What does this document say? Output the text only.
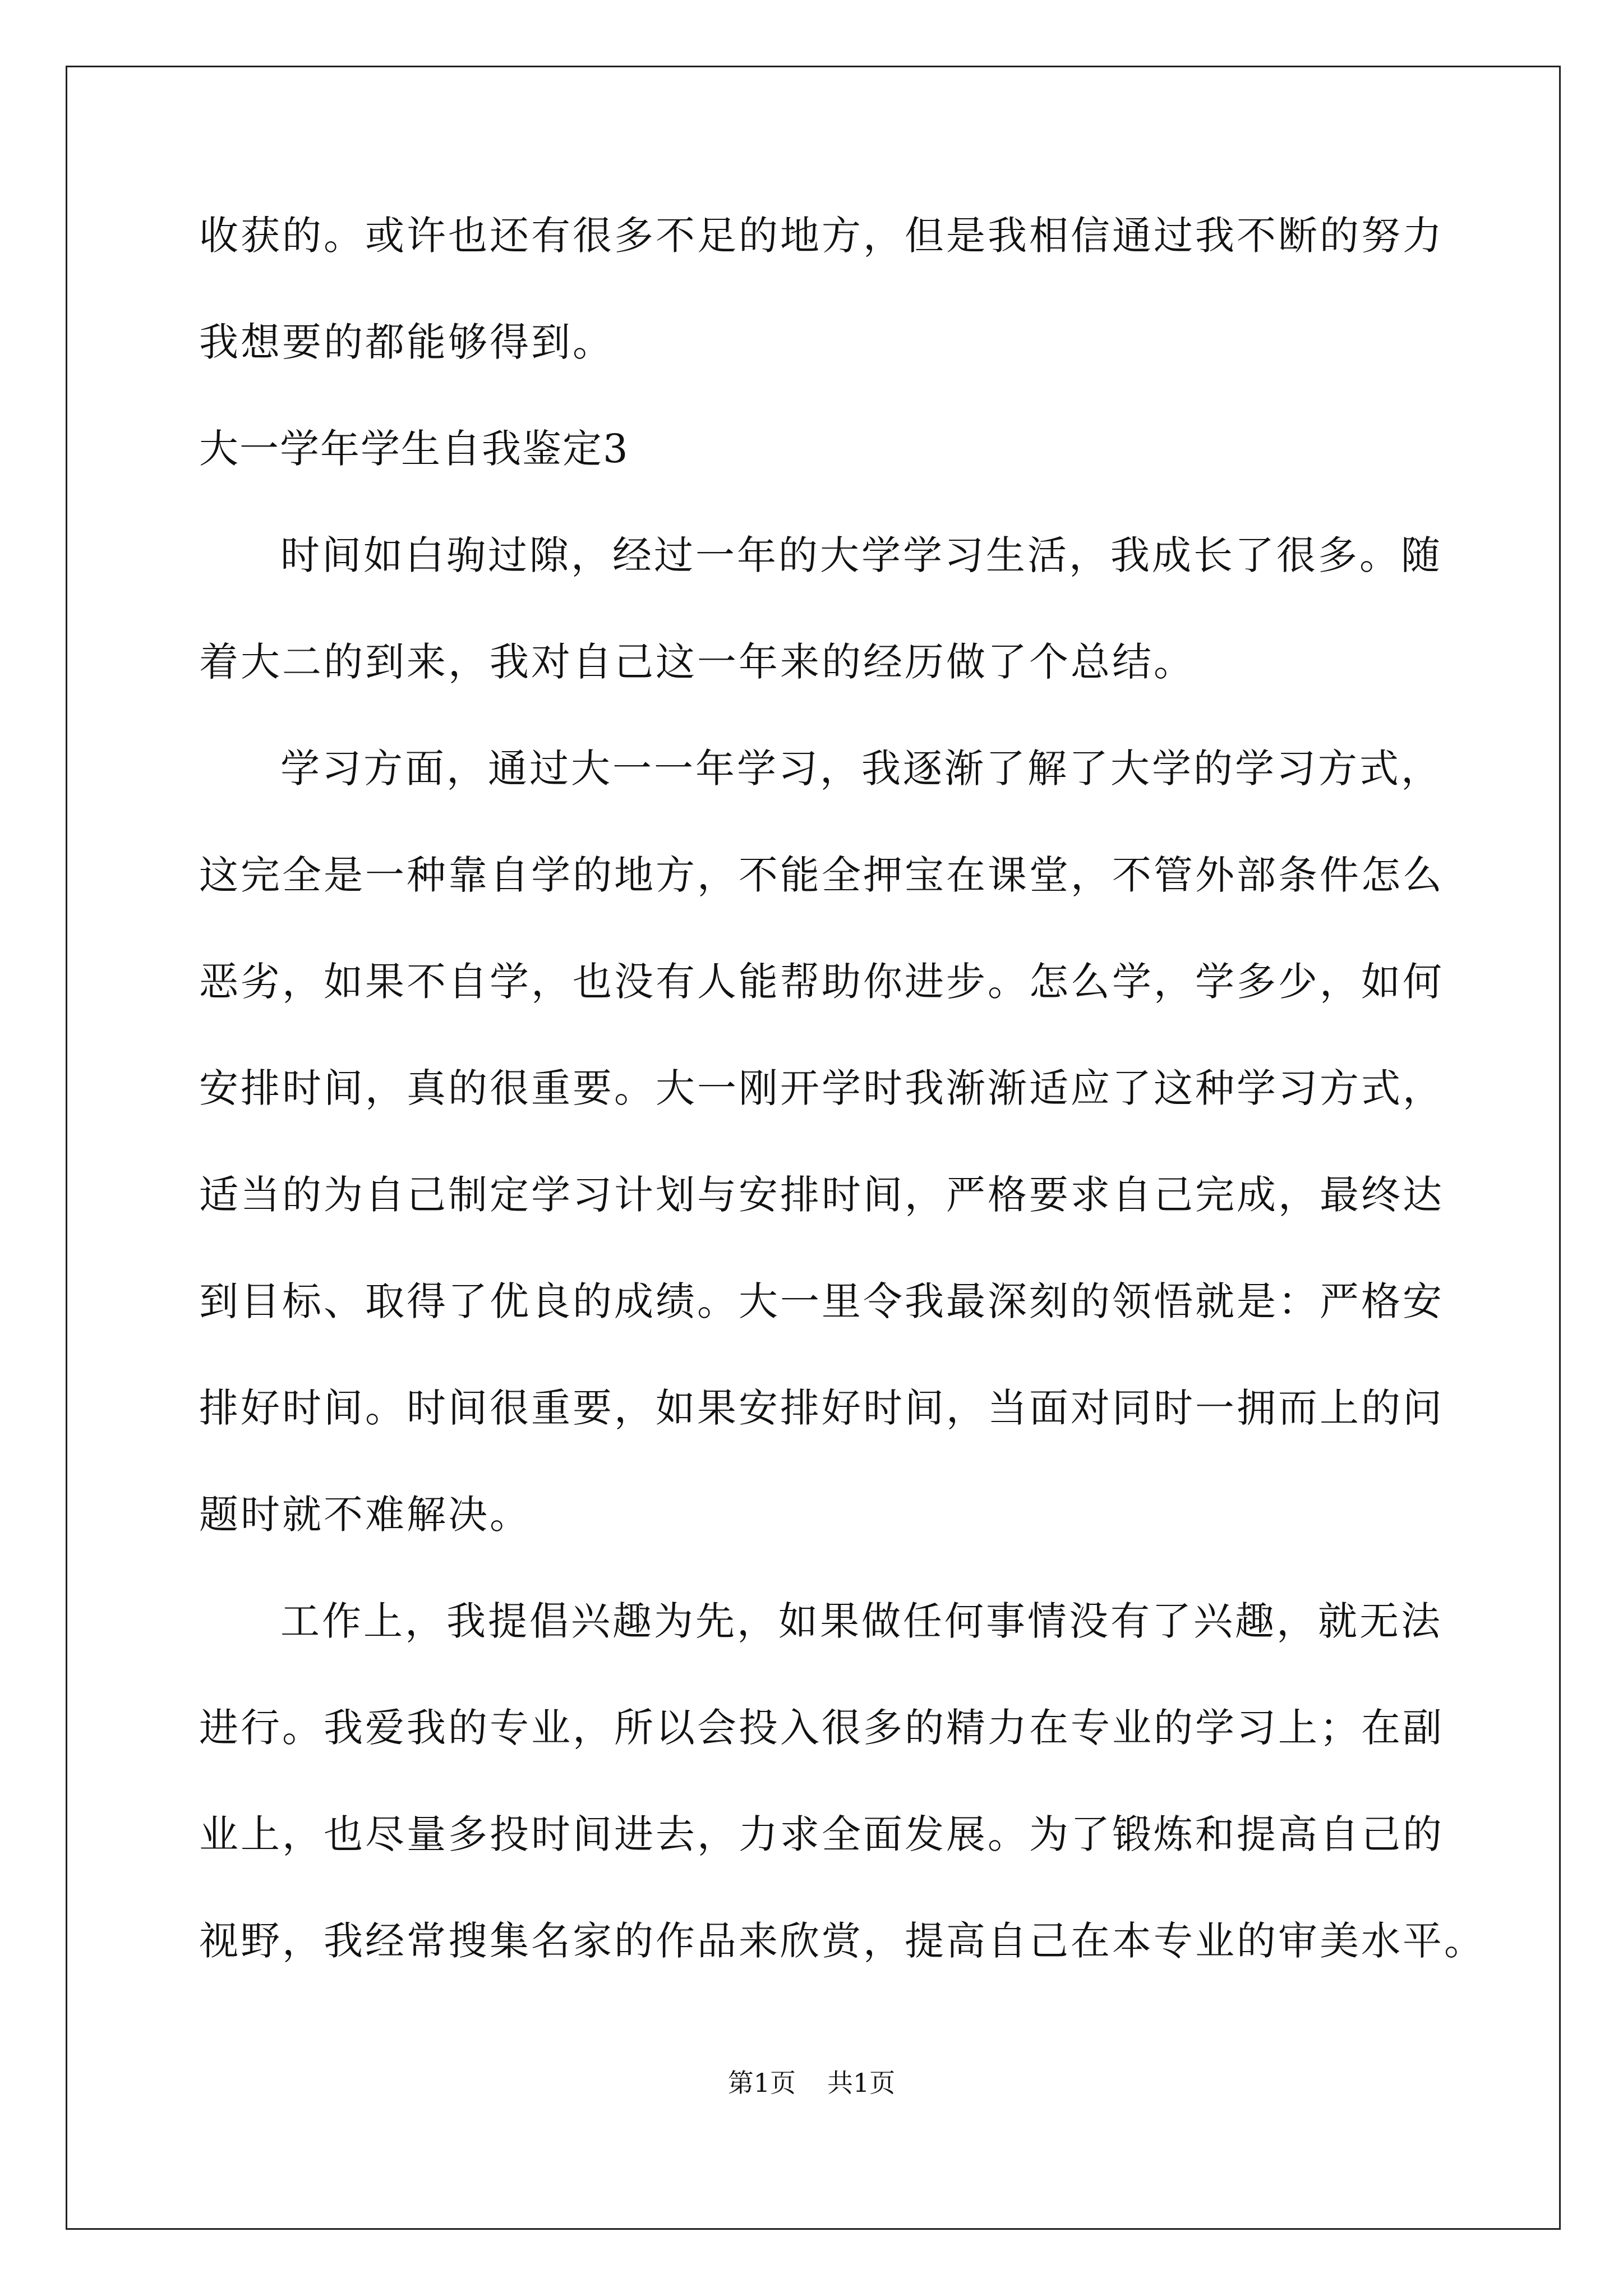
收获的。或许也还有很多不足的地方，但是我相信通过我不断的努力
我想要的都能够得到。
大一学年学生自我鉴定3
时间如白驹过隙，经过一年的大学学习生活，我成长了很多。随
着大二的到来，我对自己这一年来的经历做了个总结。
学习方面，通过大一一年学习，我逐渐了解了大学的学习方式，
这完全是一种靠自学的地方，不能全押宝在课堂，不管外部条件怎么
恶劣，如果不自学，也没有人能帮助你进步。怎么学，学多少，如何
安排时间，真的很重要。大一刚开学时我渐渐适应了这种学习方式，
适当的为自己制定学习计划与安排时间，严格要求自己完成，最终达
到目标、取得了优良的成绩。大一里令我最深刻的领悟就是：严格安
排好时间。时间很重要，如果安排好时间，当面对同时一拥而上的问
题时就不难解决。
工作上，我提倡兴趣为先，如果做任何事情没有了兴趣，就无法
进行。我爱我的专业，所以会投入很多的精力在专业的学习上；在副
业上，也尽量多投时间进去，力求全面发展。为了锻炼和提高自己的
视野，我经常搜集名家的作品来欣赏，提高自己在本专业的审美水平。
第1页 共1页
